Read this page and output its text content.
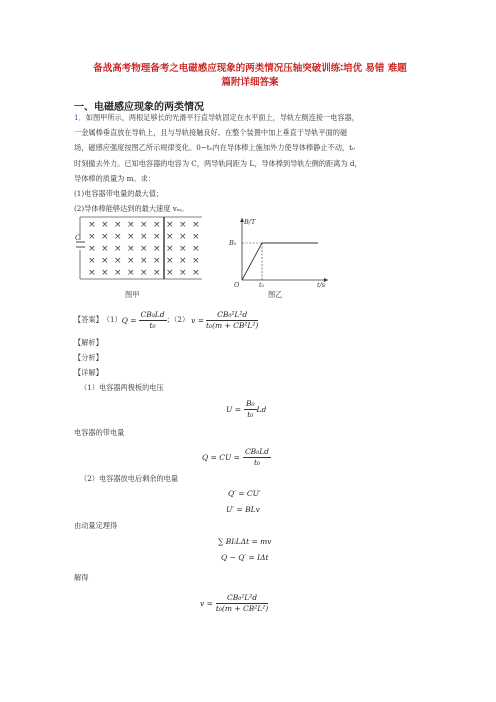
备战高考物理备考之电磁感应现象的两类情况压轴突破训练∶培优 易错 难题
篇附详细答案
一、电磁感应现象的两类情况
1．如图甲所示，两根足够长的光滑平行直导轨固定在水平面上，导轨左侧连接一电容器，
一金属棒垂直放在导轨上，且与导轨接触良好。在整个装置中加上垂直于导轨平面的磁
场，磁感应强度按图乙所示规律变化。0~t₀内在导体棒上施加外力使导体棒静止不动，t₀
时刻撤去外力。已知电容器的电容为 C，两导轨间距为 L，导体棒到导轨左侧的距离为 d，
导体棒的质量为 m。求：
(1)电容器带电量的最大值；
(2)导体棒能够达到的最大速度 vₘ。
× × × × × × × × ×
× × × × × × × × ×
× × × × × × × × ×
× × × × × × × × ×
× × × × × × × × ×
C
图甲
B/T
B₀
O	t₀	t/s
图乙
【答案】 （1） $Q = \frac{\text{CB₀Ld}}{\text{t₀}}$ ；（2） $v = \frac{\text{CB₀²L²d}}{\text{t₀(m + CB²L²)}}$
【解析】
【分析】
【详解】
（1）电容器两极板的电压
$U = \frac{\text{B₀}}{\text{t₀}}$ Ld
电容器的带电量
Q = CU = $\frac{\text{CB₀Ld}}{\text{t₀}}$
（2）电容器放电后剩余的电量
Q′ = CU′
U′ = BLv
由动量定理得
∑ BIᵢLΔt = mv
Q − Q′ = IΔt
解得
$v = \frac{\text{CB₀²L²d}}{\text{t₀(m + CB²L²)}}$
